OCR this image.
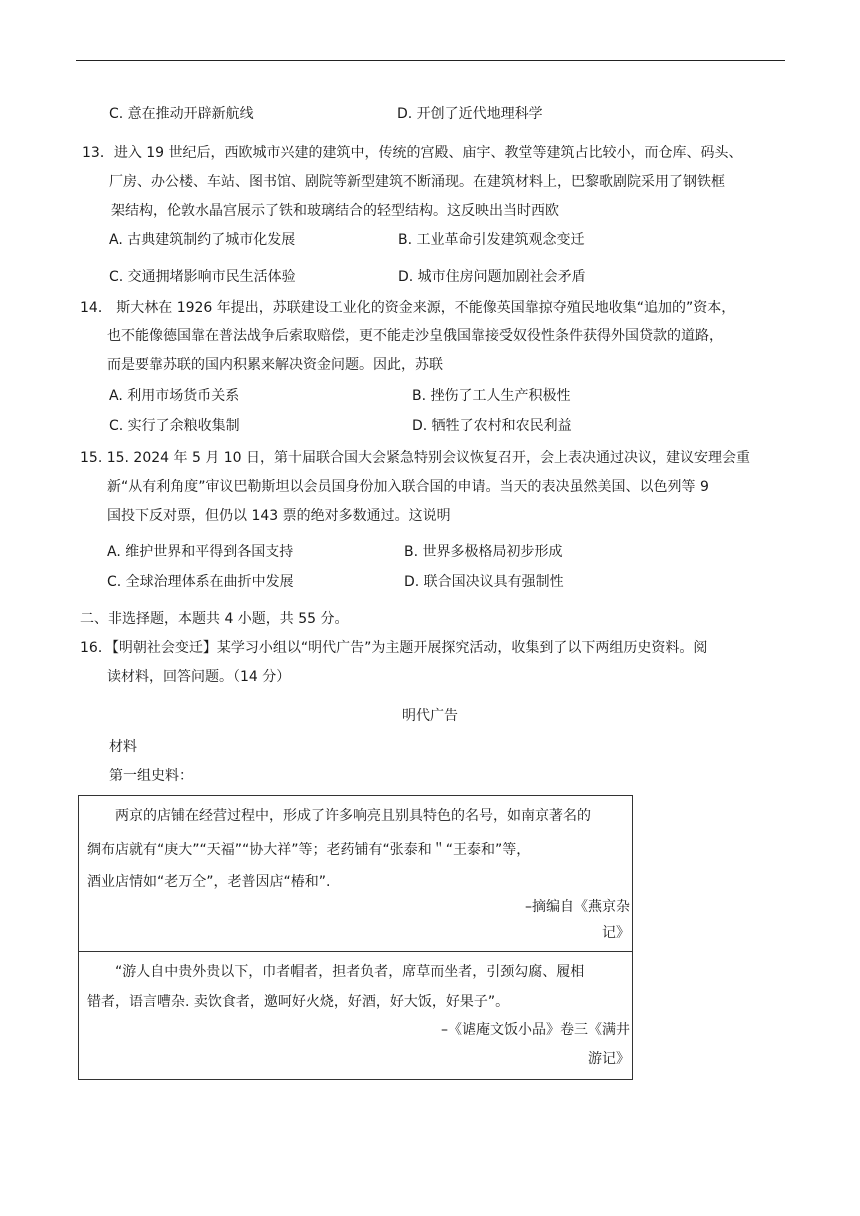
C. 意在推动开辟新航线	D. 开创了近代地理科学
13．进入 19 世纪后，西欧城市兴建的建筑中，传统的宫殿、庙宇、教堂等建筑占比较小，而仓库、码头、
厂房、办公楼、车站、图书馆、剧院等新型建筑不断涌现。在建筑材料上，巴黎歌剧院采用了钢铁框
架结构，伦敦水晶宫展示了铁和玻璃结合的轻型结构。这反映出当时西欧
A. 古典建筑制约了城市化发展	B. 工业革命引发建筑观念变迁
C. 交通拥堵影响市民生活体验	D. 城市住房问题加剧社会矛盾
14． 斯大林在 1926 年提出，苏联建设工业化的资金来源，不能像英国靠掠夺殖民地收集“追加的”资本，
也不能像德国靠在普法战争后索取赔偿，更不能走沙皇俄国靠接受奴役性条件获得外国贷款的道路，
而是要靠苏联的国内积累来解决资金问题。因此，苏联
A. 利用市场货币关系	B. 挫伤了工人生产积极性
C. 实行了余粮收集制	D. 牺牲了农村和农民利益
15. 15. 2024 年 5 月 10 日，第十届联合国大会紧急特别会议恢复召开，会上表决通过决议，建议安理会重
新“从有利角度”审议巴勒斯坦以会员国身份加入联合国的申请。当天的表决虽然美国、以色列等 9
国投下反对票，但仍以 143 票的绝对多数通过。这说明
A. 维护世界和平得到各国支持	B. 世界多极格局初步形成
C. 全球治理体系在曲折中发展	D. 联合国决议具有强制性
二、非选择题，本题共 4 小题，共 55 分。
16．【明朝社会变迁】某学习小组以“明代广告”为主题开展探究活动，收集到了以下两组历史资料。阅
读材料，回答问题。（14 分）
明代广告
材料
第一组史料：
两京的店铺在经营过程中，形成了许多响亮且别具特色的名号，如南京著名的
绸布店就有“庚大”“天福”“协大祥”等；老药铺有“张泰和＂“王泰和”等，
酒业店情如“老万仝”，老普因店“椿和”.
–摘编自《燕京杂
记》
“游人自中贵外贵以下，巾者帽者，担者负者，席草而坐者，引颈勾腐、履相
错者，语言嘈杂. 卖饮食者，邀呵好火烧，好酒，好大饭，好果子”。
–《谑庵文饭小品》卷三《满井
游记》
